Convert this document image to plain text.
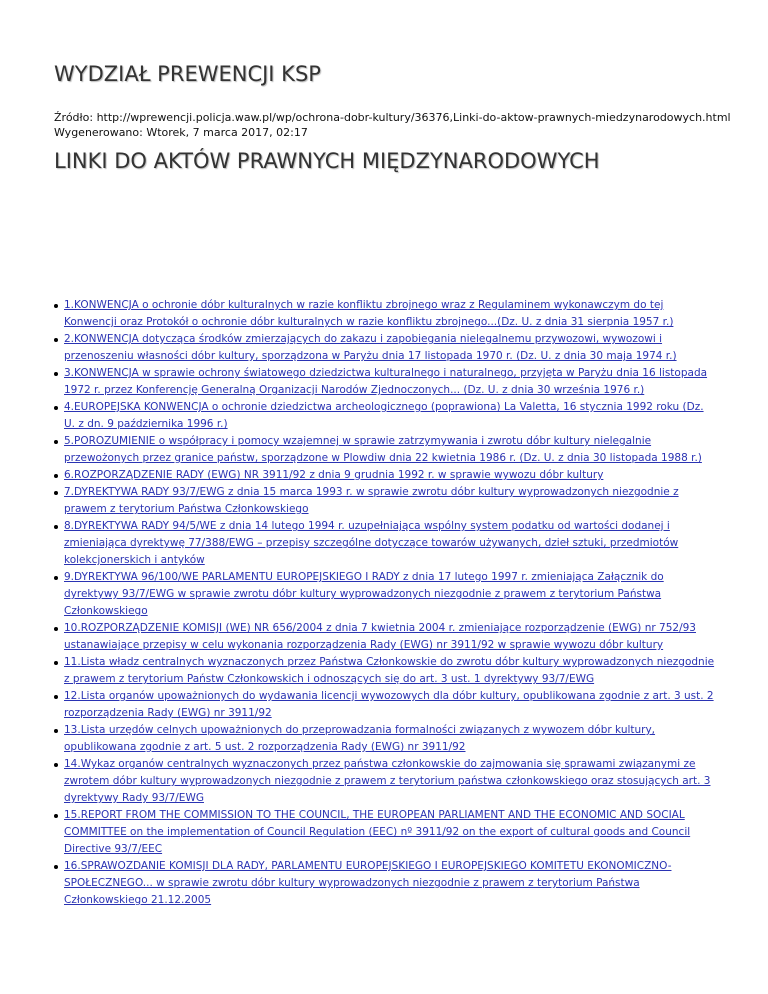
WYDZIAŁ PREWENCJI KSP
Źródło: http://wprewencji.policja.waw.pl/wp/ochrona-dobr-kultury/36376,Linki-do-aktow-prawnych-miedzynarodowych.html
Wygenerowano: Wtorek, 7 marca 2017, 02:17
LINKI DO AKTÓW PRAWNYCH MIĘDZYNARODOWYCH
1.KONWENCJA o ochronie dóbr kulturalnych w razie konfliktu zbrojnego wraz z Regulaminem wykonawczym do tej Konwencji oraz Protokół o ochronie dóbr kulturalnych w razie konfliktu zbrojnego...(Dz. U. z dnia 31 sierpnia 1957 r.)
2.KONWENCJA dotycząca środków zmierzających do zakazu i zapobiegania nielegalnemu przywozowi, wywozowi i przenoszeniu własności dóbr kultury, sporządzona w Paryżu dnia 17 listopada 1970 r. (Dz. U. z dnia 30 maja 1974 r.)
3.KONWENCJA w sprawie ochrony światowego dziedzictwa kulturalnego i naturalnego, przyjęta w Paryżu dnia 16 listopada 1972 r. przez Konferencję Generalną Organizacji Narodów Zjednoczonych... (Dz. U. z dnia 30 września 1976 r.)
4.EUROPEJSKA KONWENCJA o ochronie dziedzictwa archeologicznego (poprawiona) La Valetta, 16 stycznia 1992 roku (Dz. U. z dn. 9 października 1996 r.)
5.POROZUMIENIE o współpracy i pomocy wzajemnej w sprawie zatrzymywania i zwrotu dóbr kultury nielegalnie przewożonych przez granice państw, sporządzone w Plowdiw dnia 22 kwietnia 1986 r. (Dz. U. z dnia 30 listopada 1988 r.)
6.ROZPORZĄDZENIE RADY (EWG) NR 3911/92 z dnia 9 grudnia 1992 r. w sprawie wywozu dóbr kultury
7.DYREKTYWA RADY 93/7/EWG z dnia 15 marca 1993 r. w sprawie zwrotu dóbr kultury wyprowadzonych niezgodnie z prawem z terytorium Państwa Członkowskiego
8.DYREKTYWA RADY 94/5/WE z dnia 14 lutego 1994 r. uzupełniająca wspólny system podatku od wartości dodanej i zmieniająca dyrektywę 77/388/EWG – przepisy szczególne dotyczące towarów używanych, dzieł sztuki, przedmiotów kolekcjonerskich i antyków
9.DYREKTYWA 96/100/WE PARLAMENTU EUROPEJSKIEGO I RADY z dnia 17 lutego 1997 r. zmieniająca Załącznik do dyrektywy 93/7/EWG w sprawie zwrotu dóbr kultury wyprowadzonych niezgodnie z prawem z terytorium Państwa Członkowskiego
10.ROZPORZĄDZENIE KOMISJI (WE) NR 656/2004 z dnia 7 kwietnia 2004 r. zmieniające rozporządzenie (EWG) nr 752/93 ustanawiające przepisy w celu wykonania rozporządzenia Rady (EWG) nr 3911/92 w sprawie wywozu dóbr kultury
11.Lista władz centralnych wyznaczonych przez Państwa Członkowskie do zwrotu dóbr kultury wyprowadzonych niezgodnie z prawem z terytorium Państw Członkowskich i odnoszących się do art. 3 ust. 1 dyrektywy 93/7/EWG
12.Lista organów upoważnionych do wydawania licencji wywozowych dla dóbr kultury, opublikowana zgodnie z art. 3 ust. 2 rozporządzenia Rady (EWG) nr 3911/92
13.Lista urzędów celnych upoważnionych do przeprowadzania formalności związanych z wywozem dóbr kultury, opublikowana zgodnie z art. 5 ust. 2 rozporządzenia Rady (EWG) nr 3911/92
14.Wykaz organów centralnych wyznaczonych przez państwa członkowskie do zajmowania się sprawami związanymi ze zwrotem dóbr kultury wyprowadzonych niezgodnie z prawem z terytorium państwa członkowskiego oraz stosujących art. 3 dyrektywy Rady 93/7/EWG
15.REPORT FROM THE COMMISSION TO THE COUNCIL, THE EUROPEAN PARLIAMENT AND THE ECONOMIC AND SOCIAL COMMITTEE on the implementation of Council Regulation (EEC) nº 3911/92 on the export of cultural goods and Council Directive 93/7/EEC
16.SPRAWOZDANIE KOMISJI DLA RADY, PARLAMENTU EUROPEJSKIEGO I EUROPEJSKIEGO KOMITETU EKONOMICZNO-SPOŁECZNEGO... w sprawie zwrotu dóbr kultury wyprowadzonych niezgodnie z prawem z terytorium Państwa Członkowskiego 21.12.2005
